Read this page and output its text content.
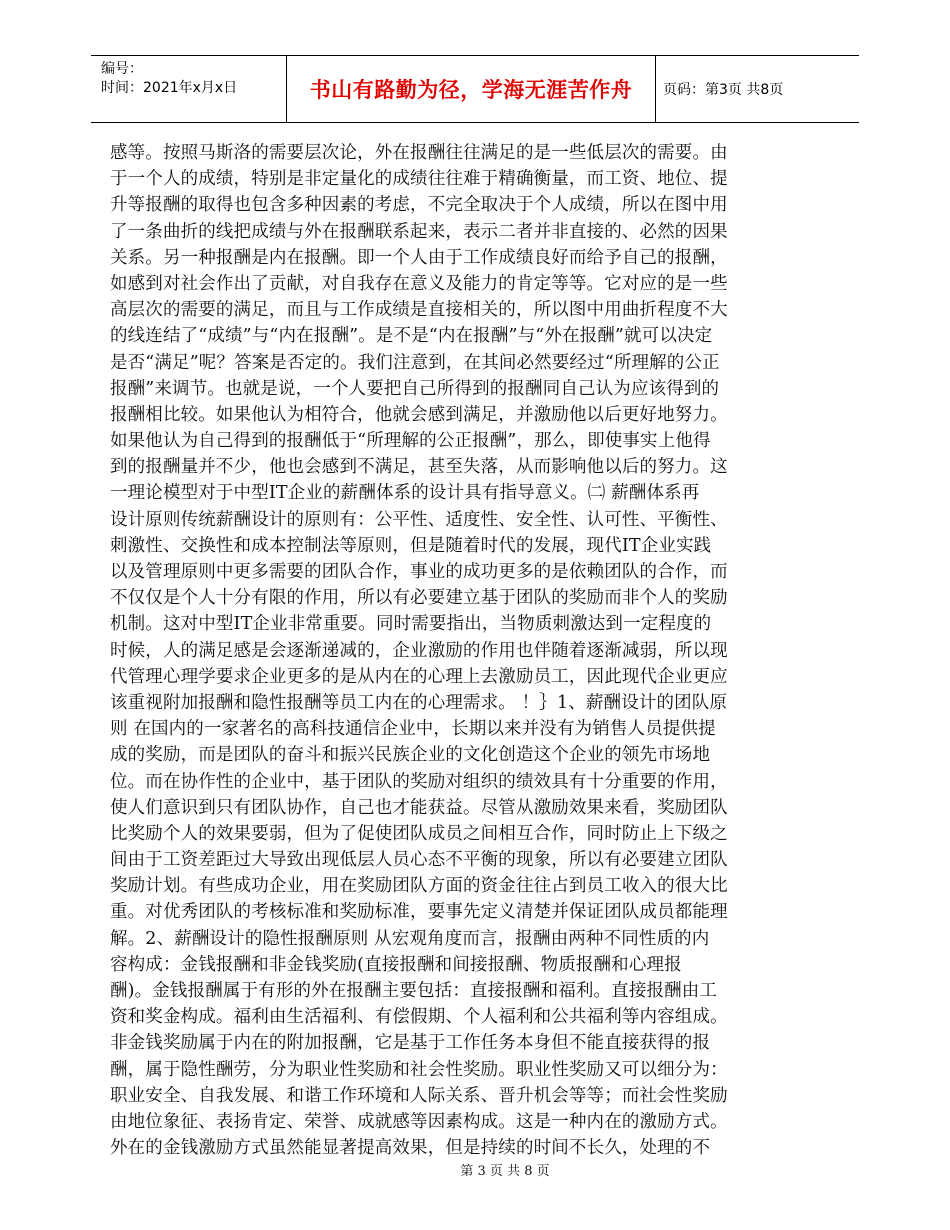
编号：
时间：2021年x月x日	书山有路勤为径，学海无涯苦作舟	页码：第3页 共8页
感等。按照马斯洛的需要层次论，外在报酬往往满足的是一些低层次的需要。由
于一个人的成绩，特别是非定量化的成绩往往难于精确衡量，而工资、地位、提
升等报酬的取得也包含多种因素的考虑，不完全取决于个人成绩，所以在图中用
了一条曲折的线把成绩与外在报酬联系起来，表示二者并非直接的、必然的因果
关系。另一种报酬是内在报酬。即一个人由于工作成绩良好而给予自己的报酬，
如感到对社会作出了贡献，对自我存在意义及能力的肯定等等。它对应的是一些
高层次的需要的满足，而且与工作成绩是直接相关的，所以图中用曲折程度不大
的线连结了“成绩”与“内在报酬”。是不是“内在报酬”与“外在报酬”就可以决定
是否“满足”呢？答案是否定的。我们注意到，在其间必然要经过“所理解的公正
报酬”来调节。也就是说，一个人要把自己所得到的报酬同自己认为应该得到的
报酬相比较。如果他认为相符合，他就会感到满足，并激励他以后更好地努力。
如果他认为自己得到的报酬低于“所理解的公正报酬”，那么，即使事实上他得
到的报酬量并不少，他也会感到不满足，甚至失落，从而影响他以后的努力。这
一理论模型对于中型IT企业的薪酬体系的设计具有指导意义。㈡ 薪酬体系再
设计原则传统薪酬设计的原则有：公平性、适度性、安全性、认可性、平衡性、
刺激性、交换性和成本控制法等原则，但是随着时代的发展，现代IT企业实践
以及管理原则中更多需要的团队合作，事业的成功更多的是依赖团队的合作，而
不仅仅是个人十分有限的作用，所以有必要建立基于团队的奖励而非个人的奖励
机制。这对中型IT企业非常重要。同时需要指出，当物质刺激达到一定程度的
时候，人的满足感是会逐渐递减的，企业激励的作用也伴随着逐渐减弱，所以现
代管理心理学要求企业更多的是从内在的心理上去激励员工，因此现代企业更应
该重视附加报酬和隐性报酬等员工内在的心理需求。 ！｝1、薪酬设计的团队原
则 在国内的一家著名的高科技通信企业中，长期以来并没有为销售人员提供提
成的奖励，而是团队的奋斗和振兴民族企业的文化创造这个企业的领先市场地
位。而在协作性的企业中，基于团队的奖励对组织的绩效具有十分重要的作用，
使人们意识到只有团队协作，自己也才能获益。尽管从激励效果来看，奖励团队
比奖励个人的效果要弱，但为了促使团队成员之间相互合作，同时防止上下级之
间由于工资差距过大导致出现低层人员心态不平衡的现象，所以有必要建立团队
奖励计划。有些成功企业，用在奖励团队方面的资金往往占到员工收入的很大比
重。对优秀团队的考核标准和奖励标准，要事先定义清楚并保证团队成员都能理
解。2、薪酬设计的隐性报酬原则 从宏观角度而言，报酬由两种不同性质的内
容构成：金钱报酬和非金钱奖励(直接报酬和间接报酬、物质报酬和心理报
酬)。金钱报酬属于有形的外在报酬主要包括：直接报酬和福利。直接报酬由工
资和奖金构成。福利由生活福利、有偿假期、个人福利和公共福利等内容组成。
非金钱奖励属于内在的附加报酬，它是基于工作任务本身但不能直接获得的报
酬，属于隐性酬劳，分为职业性奖励和社会性奖励。职业性奖励又可以细分为：
职业安全、自我发展、和谐工作环境和人际关系、晋升机会等等；而社会性奖励
由地位象征、表扬肯定、荣誉、成就感等因素构成。这是一种内在的激励方式。
外在的金钱激励方式虽然能显著提高效果，但是持续的时间不长久，处理的不
第 3 页 共 8 页
